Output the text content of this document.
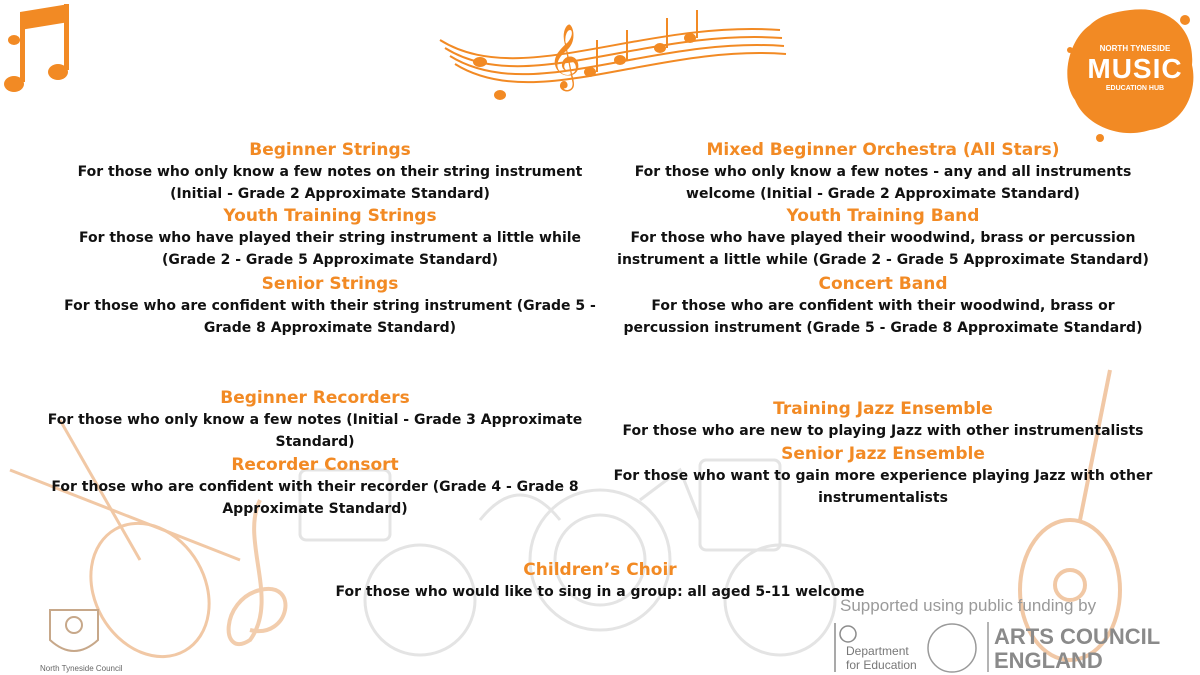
𝄞	NORTH TYNESIDE
MUSIC
EDUCATION HUB

Beginner Strings

For those who only know a few notes on their string instrument

(Initial - Grade 2 Approximate Standard)

Youth Training Strings

For those who have played their string instrument a little while

(Grade 2 - Grade 5 Approximate Standard)

Senior Strings

For those who are confident with their string instrument (Grade 5 -

Grade 8 Approximate Standard)

Beginner Recorders

For those who only know a few notes (Initial - Grade 3 Approximate

Standard)

Recorder Consort

For those who are confident with their recorder (Grade 4 - Grade 8

Approximate Standard)

Mixed Beginner Orchestra (All Stars)

For those who only know a few notes - any and all instruments

welcome (Initial - Grade 2 Approximate Standard)

Youth Training Band

For those who have played their woodwind, brass or percussion

instrument a little while (Grade 2 - Grade 5 Approximate Standard)

Concert Band

For those who are confident with their woodwind, brass or

percussion instrument (Grade 5 - Grade 8 Approximate Standard)

Training Jazz Ensemble

For those who are new to playing Jazz with other instrumentalists

Senior Jazz Ensemble

For those who want to gain more experience playing Jazz with other

instrumentalists

Children’s Choir

For those who would like to sing in a group: all aged 5-11 welcome

Supported using public funding by
Department
for Education
ARTS COUNCIL
ENGLAND
North Tyneside Council
